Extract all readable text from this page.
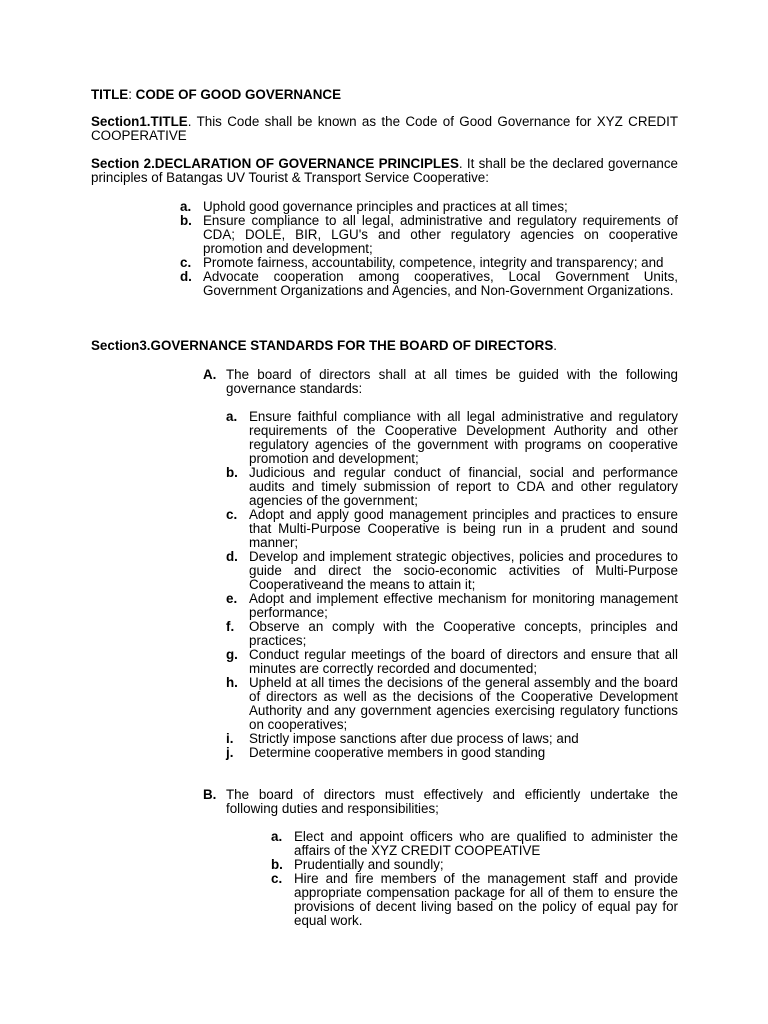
TITLE: CODE OF GOOD GOVERNANCE

Section1.TITLE. This Code shall be known as the Code of Good Governance for XYZ CREDIT COOPERATIVE

Section 2.DECLARATION OF GOVERNANCE PRINCIPLES. It shall be the declared governance principles of Batangas UV Tourist & Transport Service Cooperative:

a. Uphold good governance principles and practices at all times;
b. Ensure compliance to all legal, administrative and regulatory requirements of CDA; DOLE, BIR, LGU's and other regulatory agencies on cooperative promotion and development;
c. Promote fairness, accountability, competence, integrity and transparency; and
d. Advocate cooperation among cooperatives, Local Government Units, Government Organizations and Agencies, and Non-Government Organizations.

Section3.GOVERNANCE STANDARDS FOR THE BOARD OF DIRECTORS.

A. The board of directors shall at all times be guided with the following governance standards:
a. Ensure faithful compliance with all legal administrative and regulatory requirements of the Cooperative Development Authority and other regulatory agencies of the government with programs on cooperative promotion and development;
b. Judicious and regular conduct of financial, social and performance audits and timely submission of report to CDA and other regulatory agencies of the government;
c. Adopt and apply good management principles and practices to ensure that Multi-Purpose Cooperative is being run in a prudent and sound manner;
d. Develop and implement strategic objectives, policies and procedures to guide and direct the socio-economic activities of Multi-Purpose Cooperativeand the means to attain it;
e. Adopt and implement effective mechanism for monitoring management performance;
f. Observe an comply with the Cooperative concepts, principles and practices;
g. Conduct regular meetings of the board of directors and ensure that all minutes are correctly recorded and documented;
h. Upheld at all times the decisions of the general assembly and the board of directors as well as the decisions of the Cooperative Development Authority and any government agencies exercising regulatory functions on cooperatives;
i. Strictly impose sanctions after due process of laws; and
j. Determine cooperative members in good standing
B. The board of directors must effectively and efficiently undertake the following duties and responsibilities;
a. Elect and appoint officers who are qualified to administer the affairs of the XYZ CREDIT COOPEATIVE
b. Prudentially and soundly;
c. Hire and fire members of the management staff and provide appropriate compensation package for all of them to ensure the provisions of decent living based on the policy of equal pay for equal work.
